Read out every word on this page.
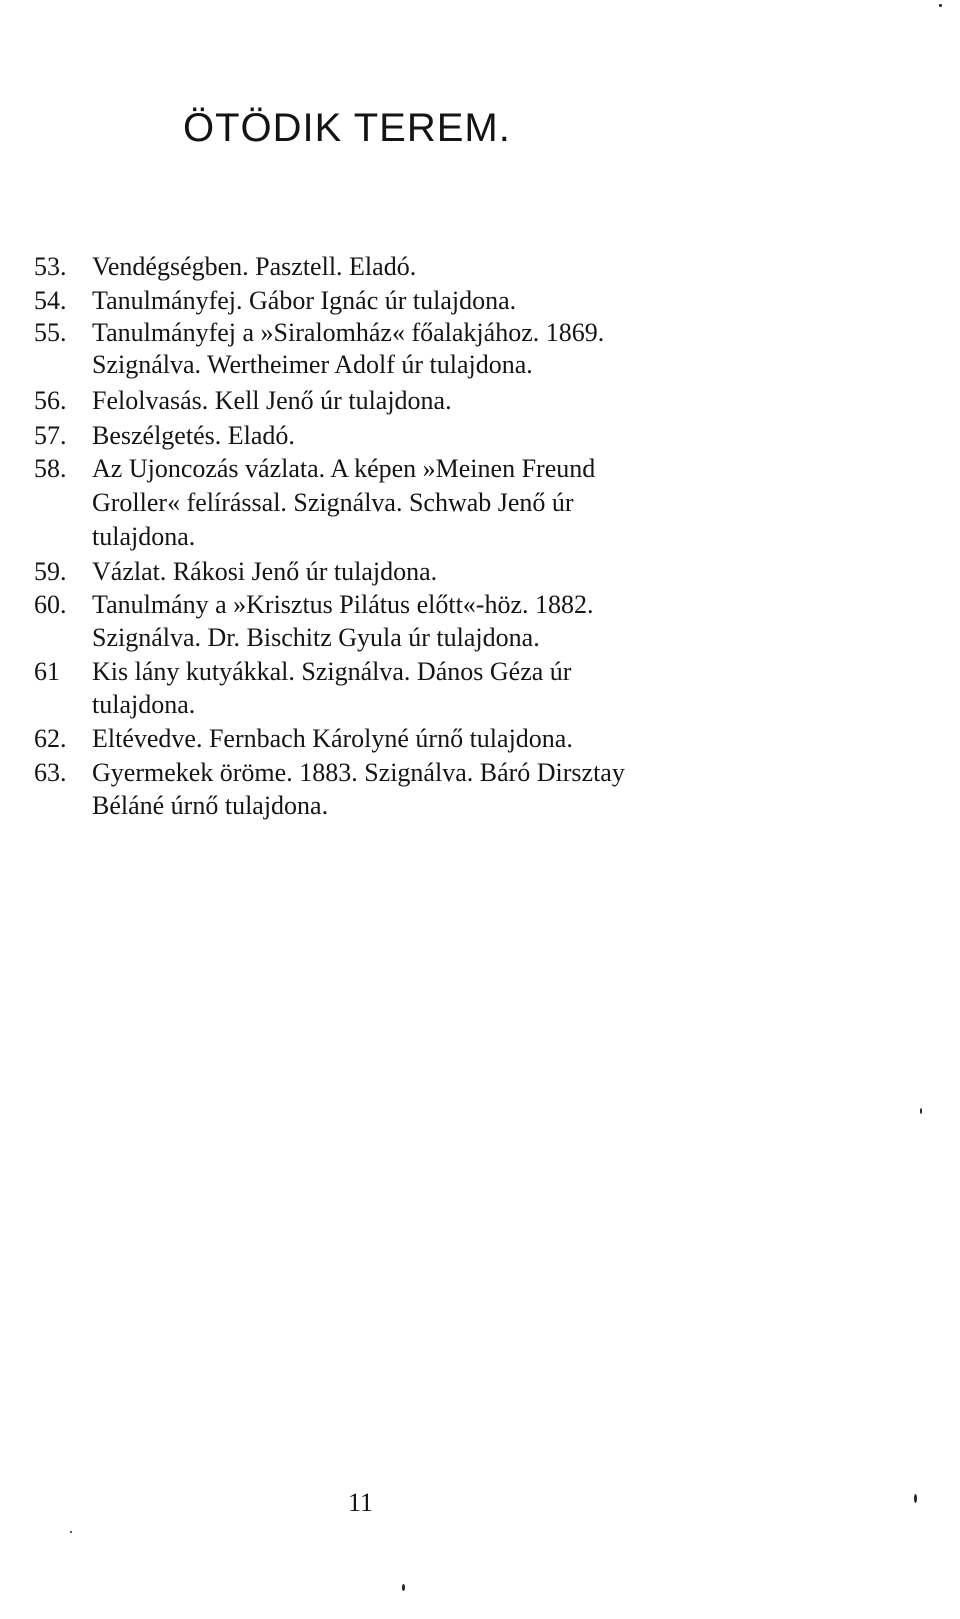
ÖTÖDIK TEREM.
53. Vendégségben. Pasztell. Eladó.
54. Tanulmányfej. Gábor Ignác úr tulajdona.
55. Tanulmányfej a »Siralomház« főalakjához. 1869.
Szignálva. Wertheimer Adolf úr tulajdona.
56. Felolvasás. Kell Jenő úr tulajdona.
57. Beszélgetés. Eladó.
58. Az Ujoncozás vázlata. A képen »Meinen Freund
Groller« felírással. Szignálva. Schwab Jenő úr
tulajdona.
59. Vázlat. Rákosi Jenő úr tulajdona.
60. Tanulmány a »Krisztus Pilátus előtt«-höz. 1882.
Szignálva. Dr. Bischitz Gyula úr tulajdona.
61 Kis lány kutyákkal. Szignálva. Dános Géza úr
tulajdona.
62. Eltévedve. Fernbach Károlyné úrnő tulajdona.
63. Gyermekek öröme. 1883. Szignálva. Báró Dirsztay
Béláné úrnő tulajdona.
11
